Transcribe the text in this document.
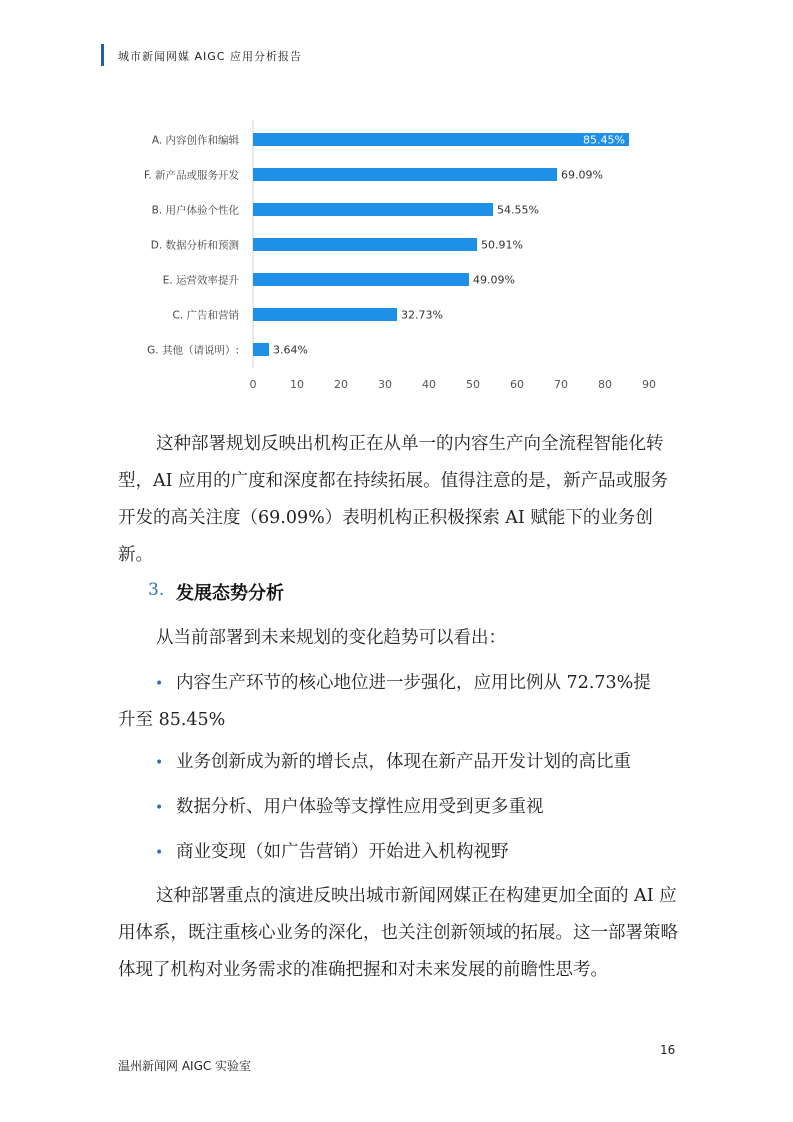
城市新闻网媒 AIGC 应用分析报告
A. 内容创作和编辑	85.45%
F. 新产品或服务开发	69.09%
B. 用户体验个性化	54.55%
D. 数据分析和预测	50.91%
E. 运营效率提升	49.09%
C. 广告和营销	32.73%
G. 其他（请说明）:	3.64%
0	10	20	30	40	50	60	70	80	90

这种部署规划反映出机构正在从单一的内容生产向全流程智能化转型，AI 应用的广度和深度都在持续拓展。值得注意的是，新产品或服务开发的高关注度（69.09%）表明机构正积极探索 AI 赋能下的业务创新。

3. 发展态势分析

从当前部署到未来规划的变化趋势可以看出：

• 内容生产环节的核心地位进一步强化，应用比例从 72.73%提
升至 85.45%
• 业务创新成为新的增长点，体现在新产品开发计划的高比重
• 数据分析、用户体验等支撑性应用受到更多重视
• 商业变现（如广告营销）开始进入机构视野

这种部署重点的演进反映出城市新闻网媒正在构建更加全面的 AI 应用体系，既注重核心业务的深化，也关注创新领域的拓展。这一部署策略体现了机构对业务需求的准确把握和对未来发展的前瞻性思考。

16
温州新闻网 AIGC 实验室
